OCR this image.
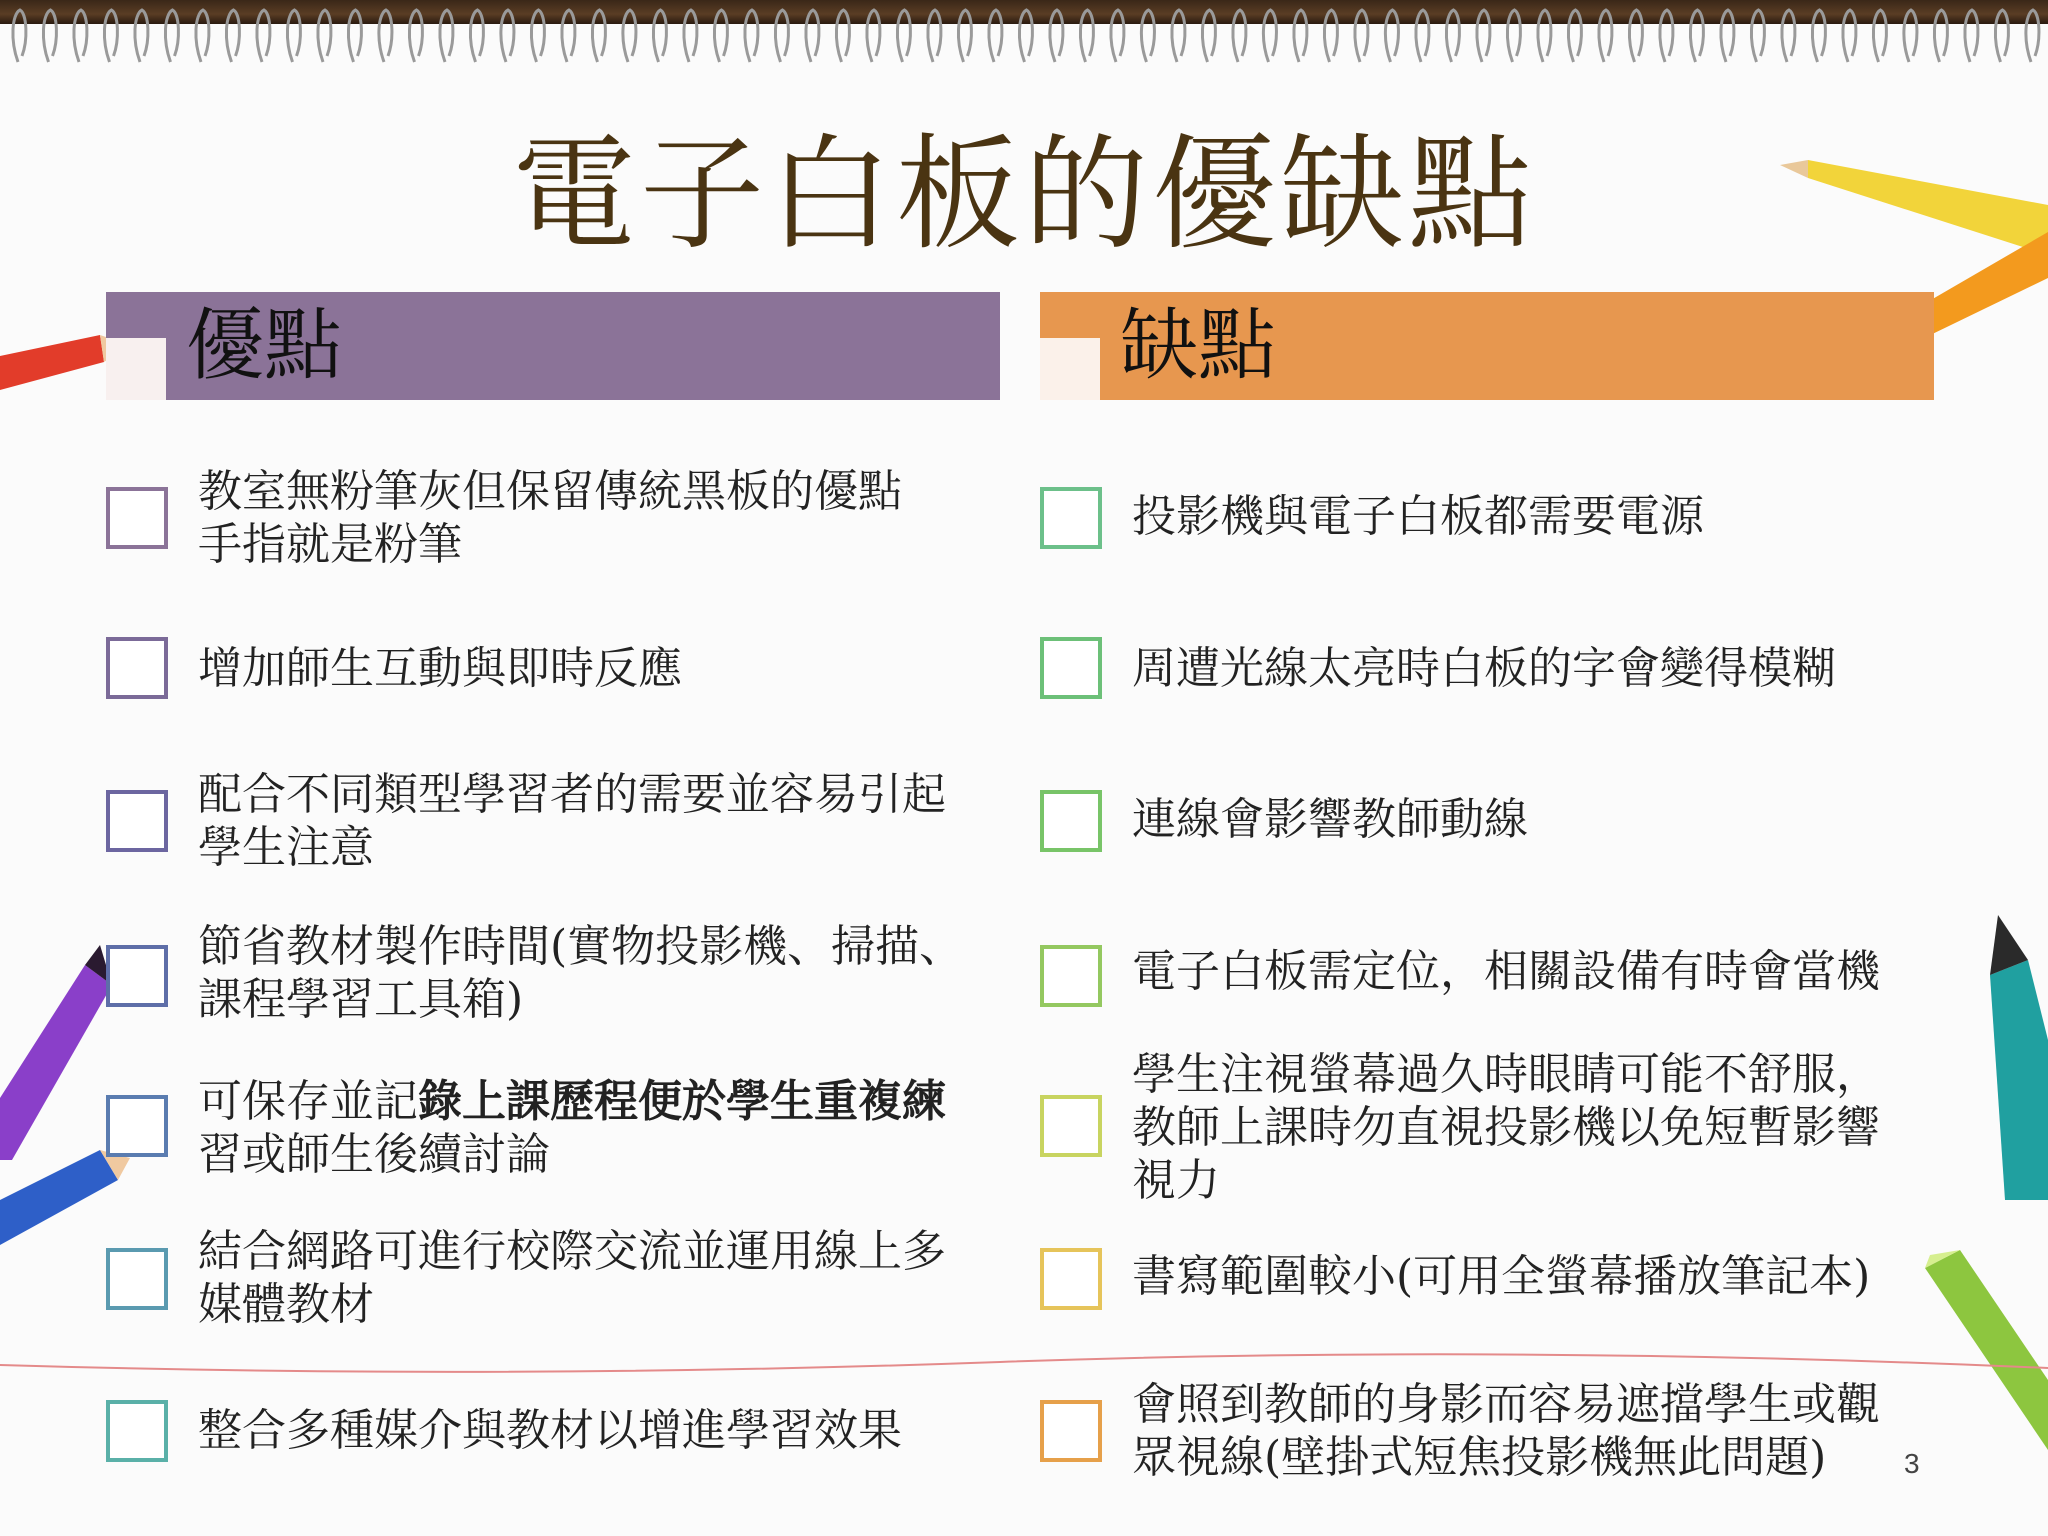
電子白板的優缺點
優點	缺點

教室無粉筆灰但保留傳統黑板的優點
手指就是粉筆

增加師生互動與即時反應

配合不同類型學習者的需要並容易引起
學生注意

節省教材製作時間(實物投影機、掃描、
課程學習工具箱)

可保存並記錄上課歷程便於學生重複練
習或師生後續討論

結合網路可進行校際交流並運用線上多
媒體教材

整合多種媒介與教材以增進學習效果

投影機與電子白板都需要電源

周遭光線太亮時白板的字會變得模糊

連線會影響教師動線

電子白板需定位，相關設備有時會當機

學生注視螢幕過久時眼睛可能不舒服，
教師上課時勿直視投影機以免短暫影響
視力

書寫範圍較小(可用全螢幕播放筆記本)

會照到教師的身影而容易遮擋學生或觀
眾視線(壁掛式短焦投影機無此問題)	3
